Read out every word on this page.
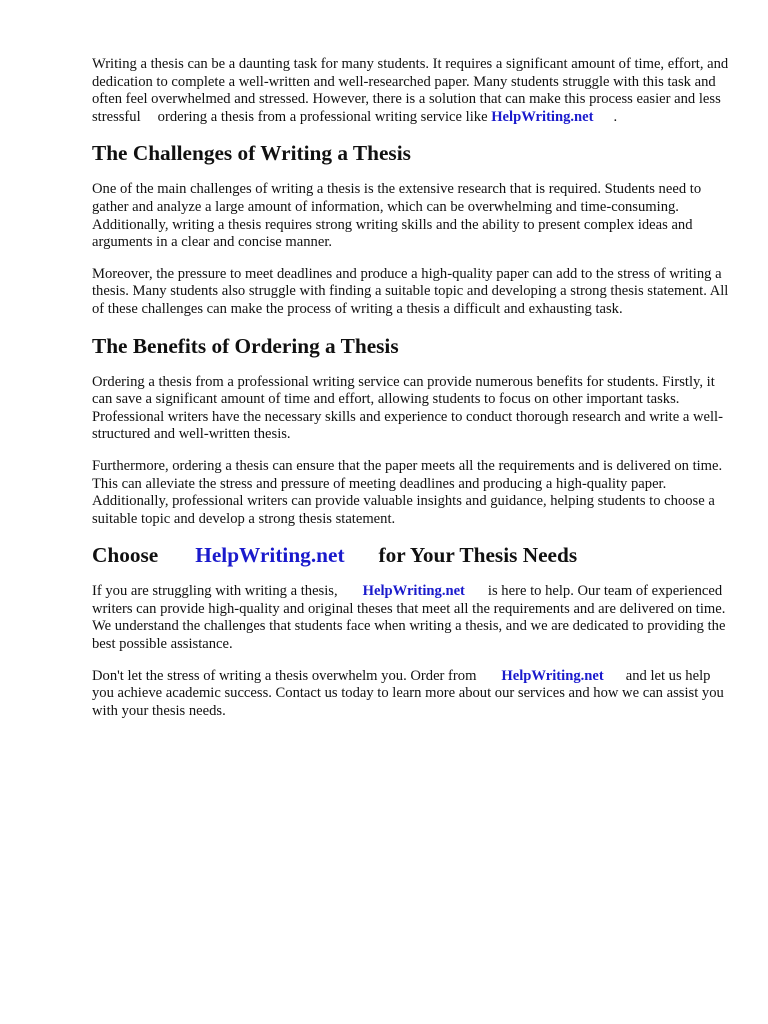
Writing a thesis can be a daunting task for many students. It requires a significant amount of time, effort, and dedication to complete a well-written and well-researched paper. Many students struggle with this task and often feel overwhelmed and stressed. However, there is a solution that can make this process easier and less stressful ordering a thesis from a professional writing service like HelpWriting.net .

The Challenges of Writing a Thesis

One of the main challenges of writing a thesis is the extensive research that is required. Students need to gather and analyze a large amount of information, which can be overwhelming and time-consuming. Additionally, writing a thesis requires strong writing skills and the ability to present complex ideas and arguments in a clear and concise manner.

Moreover, the pressure to meet deadlines and produce a high-quality paper can add to the stress of writing a thesis. Many students also struggle with finding a suitable topic and developing a strong thesis statement. All of these challenges can make the process of writing a thesis a difficult and exhausting task.

The Benefits of Ordering a Thesis

Ordering a thesis from a professional writing service can provide numerous benefits for students. Firstly, it can save a significant amount of time and effort, allowing students to focus on other important tasks. Professional writers have the necessary skills and experience to conduct thorough research and write a well-structured and well-written thesis.

Furthermore, ordering a thesis can ensure that the paper meets all the requirements and is delivered on time. This can alleviate the stress and pressure of meeting deadlines and producing a high-quality paper. Additionally, professional writers can provide valuable insights and guidance, helping students to choose a suitable topic and develop a strong thesis statement.

Choose HelpWriting.net for Your Thesis Needs

If you are struggling with writing a thesis, HelpWriting.net is here to help. Our team of experienced writers can provide high-quality and original theses that meet all the requirements and are delivered on time. We understand the challenges that students face when writing a thesis, and we are dedicated to providing the best possible assistance.

Don't let the stress of writing a thesis overwhelm you. Order from HelpWriting.net and let us help you achieve academic success. Contact us today to learn more about our services and how we can assist you with your thesis needs.
